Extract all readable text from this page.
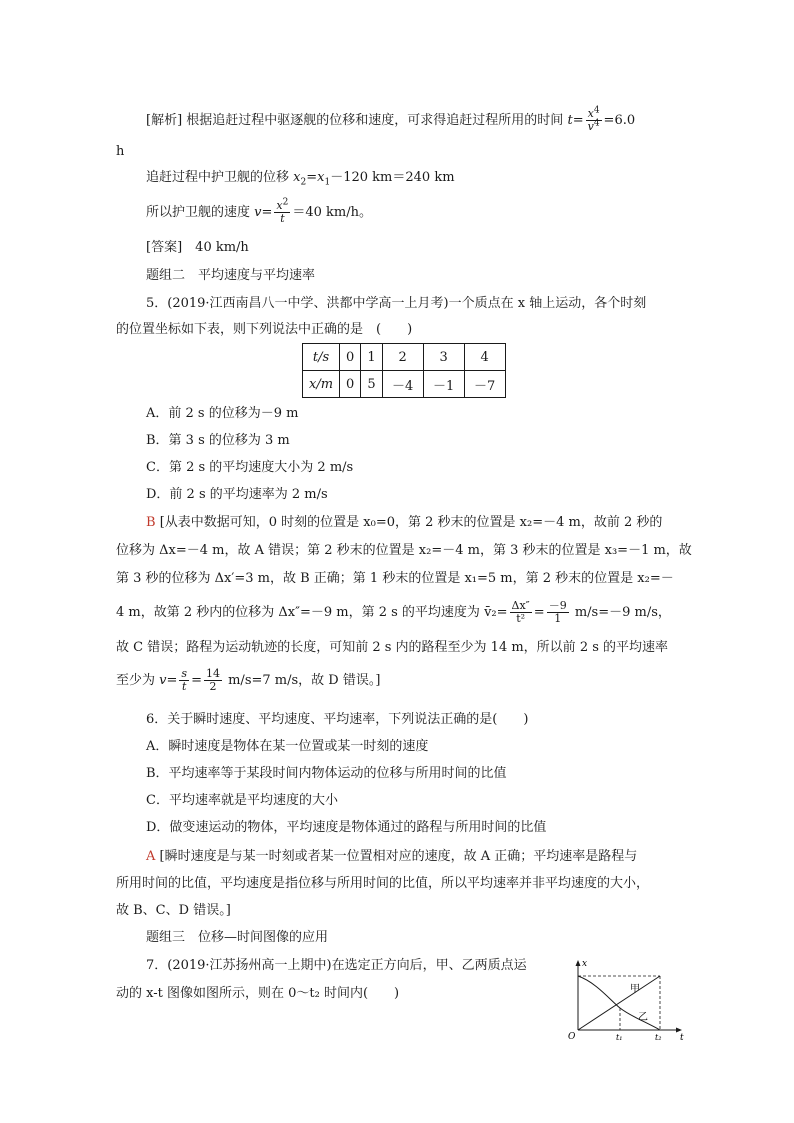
[解析] 根据追赶过程中驱逐舰的位移和速度，可求得追赶过程所用的时间 $t= \frac{x^4}{v^4} =6.0$
h
追赶过程中护卫舰的位移 $x_2=x_1-120$ km＝240 km
所以护卫舰的速度 $v= \frac{x^2}{t} =40$ km/h。
[答案]　 40 km/h
题组二　平均速度与平均速率
5．(2019·江西南昌八一中学、洪都中学高一上月考)一个质点在 x 轴上运动，各个时刻
的位置坐标如下表，则下列说法中正确的是　(　　)
t/s	0	1	2	3	4
x/m	0	5	－4	－1	－7
A．前 2 s 的位移为－9 m
B．第 3 s 的位移为 3 m
C．第 2 s 的平均速度大小为 2 m/s
D．前 2 s 的平均速率为 2 m/s
B [从表中数据可知，0 时刻的位置是 x₀=0，第 2 秒末的位置是 x₂=－4 m，故前 2 秒的
位移为 Δx=－4 m，故 A 错误；第 2 秒末的位置是 x₂=－4 m，第 3 秒末的位置是 x₃=－1 m，故
第 3 秒的位移为 Δx′=3 m，故 B 正确；第 1 秒末的位置是 x₁=5 m，第 2 秒末的位置是 x₂=－
4 m，故第 2 秒内的位移为 Δx″=－9 m，第 2 s 的平均速度为 v̄₂= $\frac{\Delta x''}{\text{t²}} = \frac{-9}{1} m/s=-9$ m/s，
故 C 错误；路程为运动轨迹的长度，可知前 2 s 内的路程至少为 14 m，所以前 2 s 的平均速率
至少为 $v= \frac{s}{t} = \frac{14}{2} m/s=7$ m/s，故 D 错误。]
6．关于瞬时速度、平均速度、平均速率，下列说法正确的是(　　)
A．瞬时速度是物体在某一位置或某一时刻的速度
B．平均速率等于某段时间内物体运动的位移与所用时间的比值
C．平均速率就是平均速度的大小
D．做变速运动的物体，平均速度是物体通过的路程与所用时间的比值
A [瞬时速度是与某一时刻或者某一位置相对应的速度，故 A 正确；平均速率是路程与
所用时间的比值，平均速度是指位移与所用时间的比值，所以平均速率并非平均速度的大小，
故 B、C、D 错误。]
题组三　位移—时间图像的应用
7．(2019·江苏扬州高一上期中)在选定正方向后，甲、乙两质点运
动的 x-t 图像如图所示，则在 0～t₂ 时间内(　　)
x
t
O	t₁	t₂
甲
乙
